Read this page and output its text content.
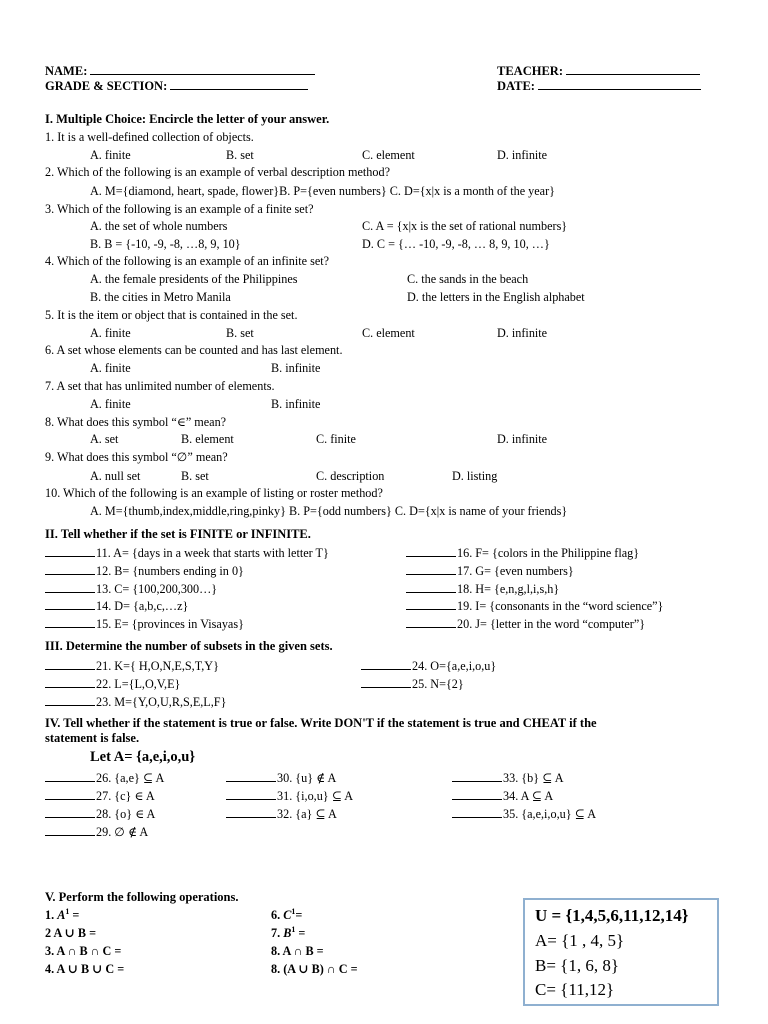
NAME:
GRADE & SECTION:
TEACHER:
DATE:
I. Multiple Choice: Encircle the letter of your answer.
1. It is a well-defined collection of objects.
A. finite	B. set	C. element	D. infinite
2. Which of the following is an example of verbal description method?
A. M={diamond, heart, spade, flower}B. P={even numbers} C. D={x|x is a month of the year}
3. Which of the following is an example of a finite set?
A. the set of whole numbers	C. A = {x|x is the set of rational numbers}
B. B = {-10, -9, -8, …8, 9, 10}	D. C = {… -10, -9, -8, … 8, 9, 10, …}
4. Which of the following is an example of an infinite set?
A. the female presidents of the Philippines	C. the sands in the beach
B. the cities in Metro Manila	D. the letters in the English alphabet
5. It is the item or object that is contained in the set.
A. finite	B. set	C. element	D. infinite
6. A set whose elements can be counted and has last element.
A. finite	B. infinite
7. A set that has unlimited number of elements.
A. finite	B. infinite
8. What does this symbol “∈” mean?
A. set	B. element	C. finite	D. infinite
9. What does this symbol “∅” mean?
A. null set	B. set	C. description	D. listing
10. Which of the following is an example of listing or roster method?
A. M={thumb,index,middle,ring,pinky} B. P={odd numbers} C. D={x|x is name of your friends}
II. Tell whether if the set is FINITE or INFINITE.
11. A= {days in a week that starts with letter T}
12. B= {numbers ending in 0}
13. C= {100,200,300…}
14. D= {a,b,c,…z}
15. E= {provinces in Visayas}
16. F= {colors in the Philippine flag}
17. G= {even numbers}
18. H= {e,n,g,l,i,s,h}
19. I= {consonants in the “word science”}
20. J= {letter in the word “computer”}
III. Determine the number of subsets in the given sets.
21. K={ H,O,N,E,S,T,Y}
22. L={L,O,V,E}
23. M={Y,O,U,R,S,E,L,F}
24. O={a,e,i,o,u}
25. N={2}
IV. Tell whether if the statement is true or false. Write DON'T if the statement is true and CHEAT if the
statement is false.
Let A= {a,e,i,o,u}
26. {a,e} ⊆ A
27. {c} ∈ A
28. {o} ∈ A
29. ∅ ∉ A
30. {u} ∉ A
31. {i,o,u} ⊆ A
32. {a} ⊆ A
33. {b} ⊆ A
34. A ⊆ A
35. {a,e,i,o,u} ⊆ A
V. Perform the following operations.
1. $A^1$ =
2 A ∪ B =
3. A ∩ B ∩ C =
4. A ∪ B ∪ C =
6. $C^1=$
7. $B^1$ =
8. A ∩ B =
8. (A ∪ B) ∩ C =
U = {1,4,5,6,11,12,14}
A= {1 , 4, 5}
B= {1, 6, 8}
C= {11,12}
